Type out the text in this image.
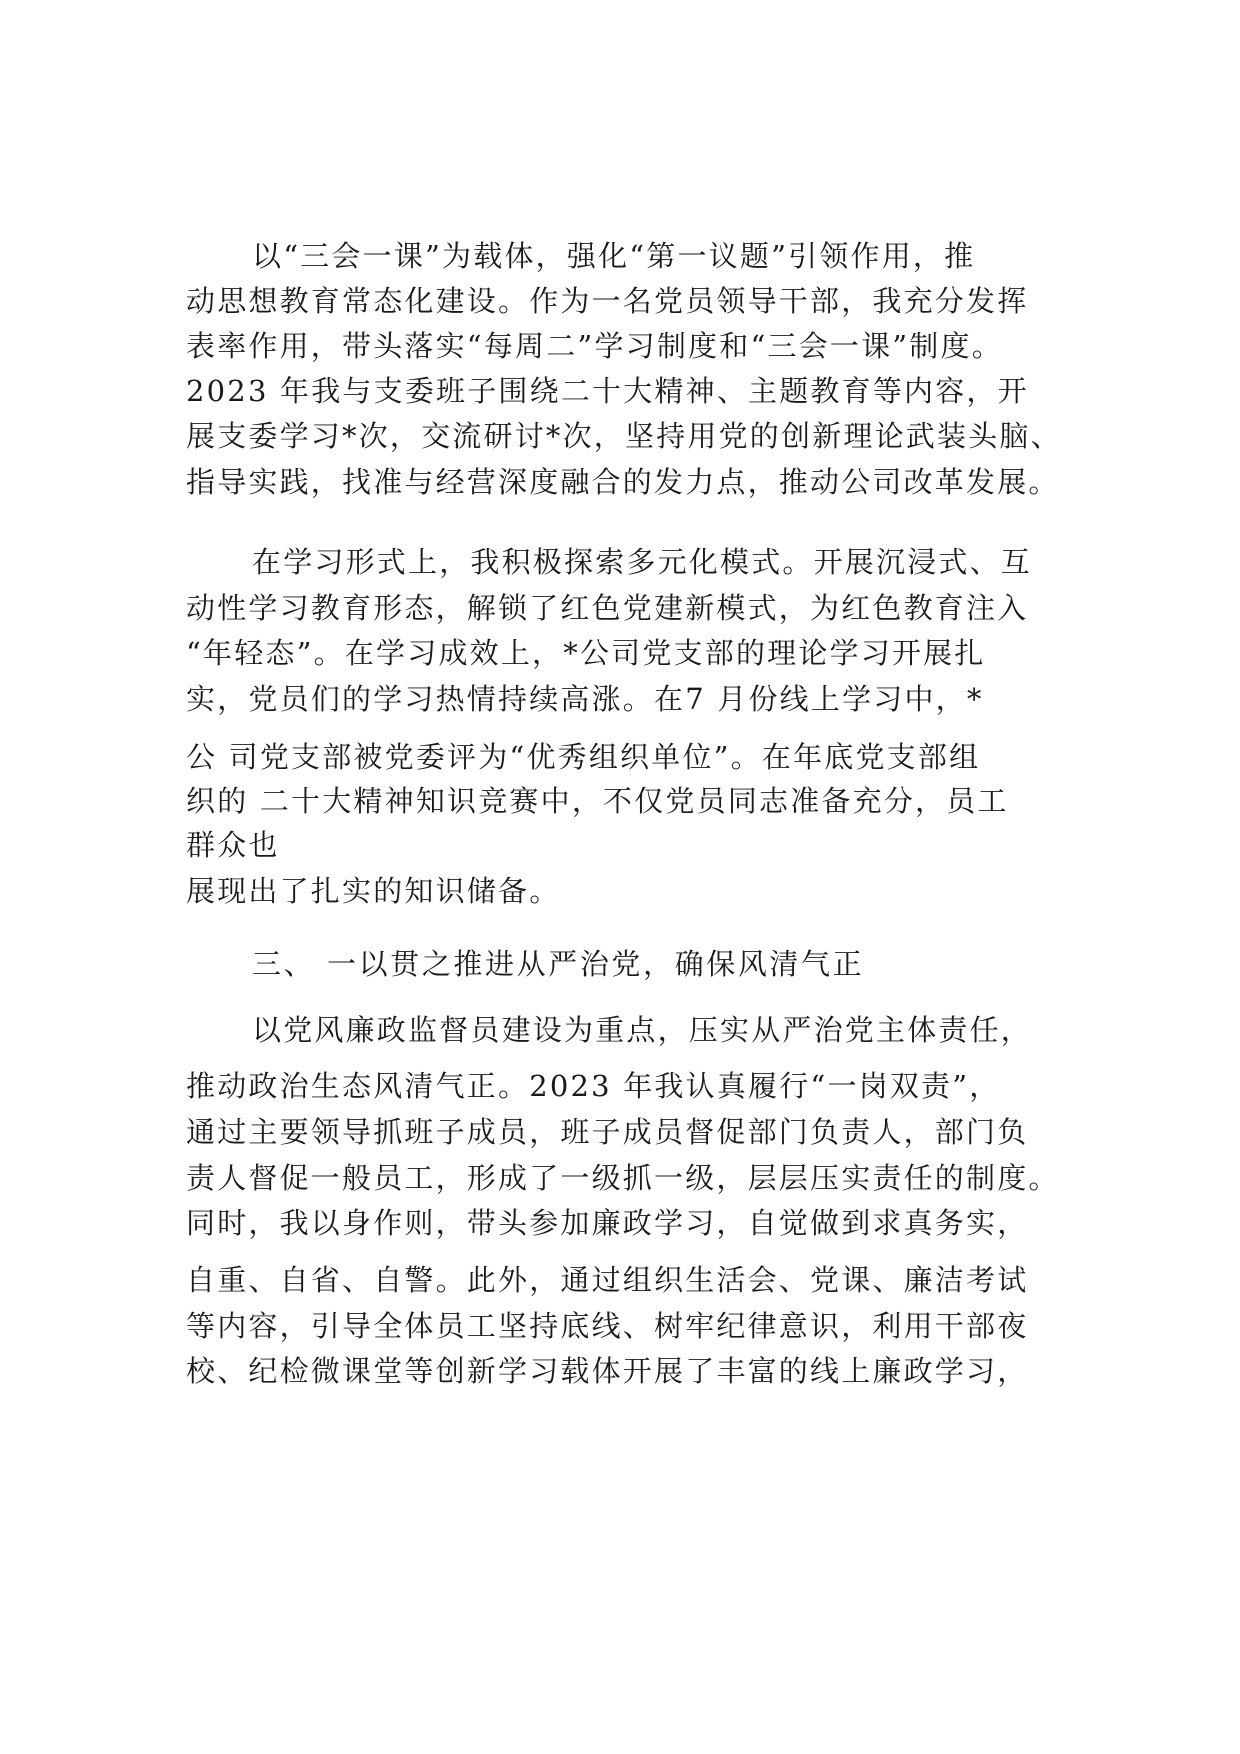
以“三会一课”为载体，强化“第一议题”引领作用，推
动思想教育常态化建设。作为一名党员领导干部，我充分发挥
表率作用，带头落实“每周二”学习制度和“三会一课”制度。
2023 年我与支委班子围绕二十大精神、主题教育等内容，开
展支委学习*次，交流研讨*次，坚持用党的创新理论武装头脑、
指导实践，找准与经营深度融合的发力点，推动公司改革发展。
在学习形式上，我积极探索多元化模式。开展沉浸式、互
动性学习教育形态，解锁了红色党建新模式，为红色教育注入
“年轻态”。在学习成效上，*公司党支部的理论学习开展扎
实，党员们的学习热情持续高涨。在7 月份线上学习中，*
公 司党支部被党委评为“优秀组织单位”。在年底党支部组
织的 二十大精神知识竞赛中，不仅党员同志准备充分，员工
群众也
展现出了扎实的知识储备。
三、 一以贯之推进从严治党，确保风清气正
以党风廉政监督员建设为重点，压实从严治党主体责任，
推动政治生态风清气正。2023 年我认真履行“一岗双责”，
通过主要领导抓班子成员，班子成员督促部门负责人，部门负
责人督促一般员工，形成了一级抓一级，层层压实责任的制度。
同时，我以身作则，带头参加廉政学习，自觉做到求真务实，
自重、自省、自警。此外，通过组织生活会、党课、廉洁考试
等内容，引导全体员工坚持底线、树牢纪律意识，利用干部夜
校、纪检微课堂等创新学习载体开展了丰富的线上廉政学习，
